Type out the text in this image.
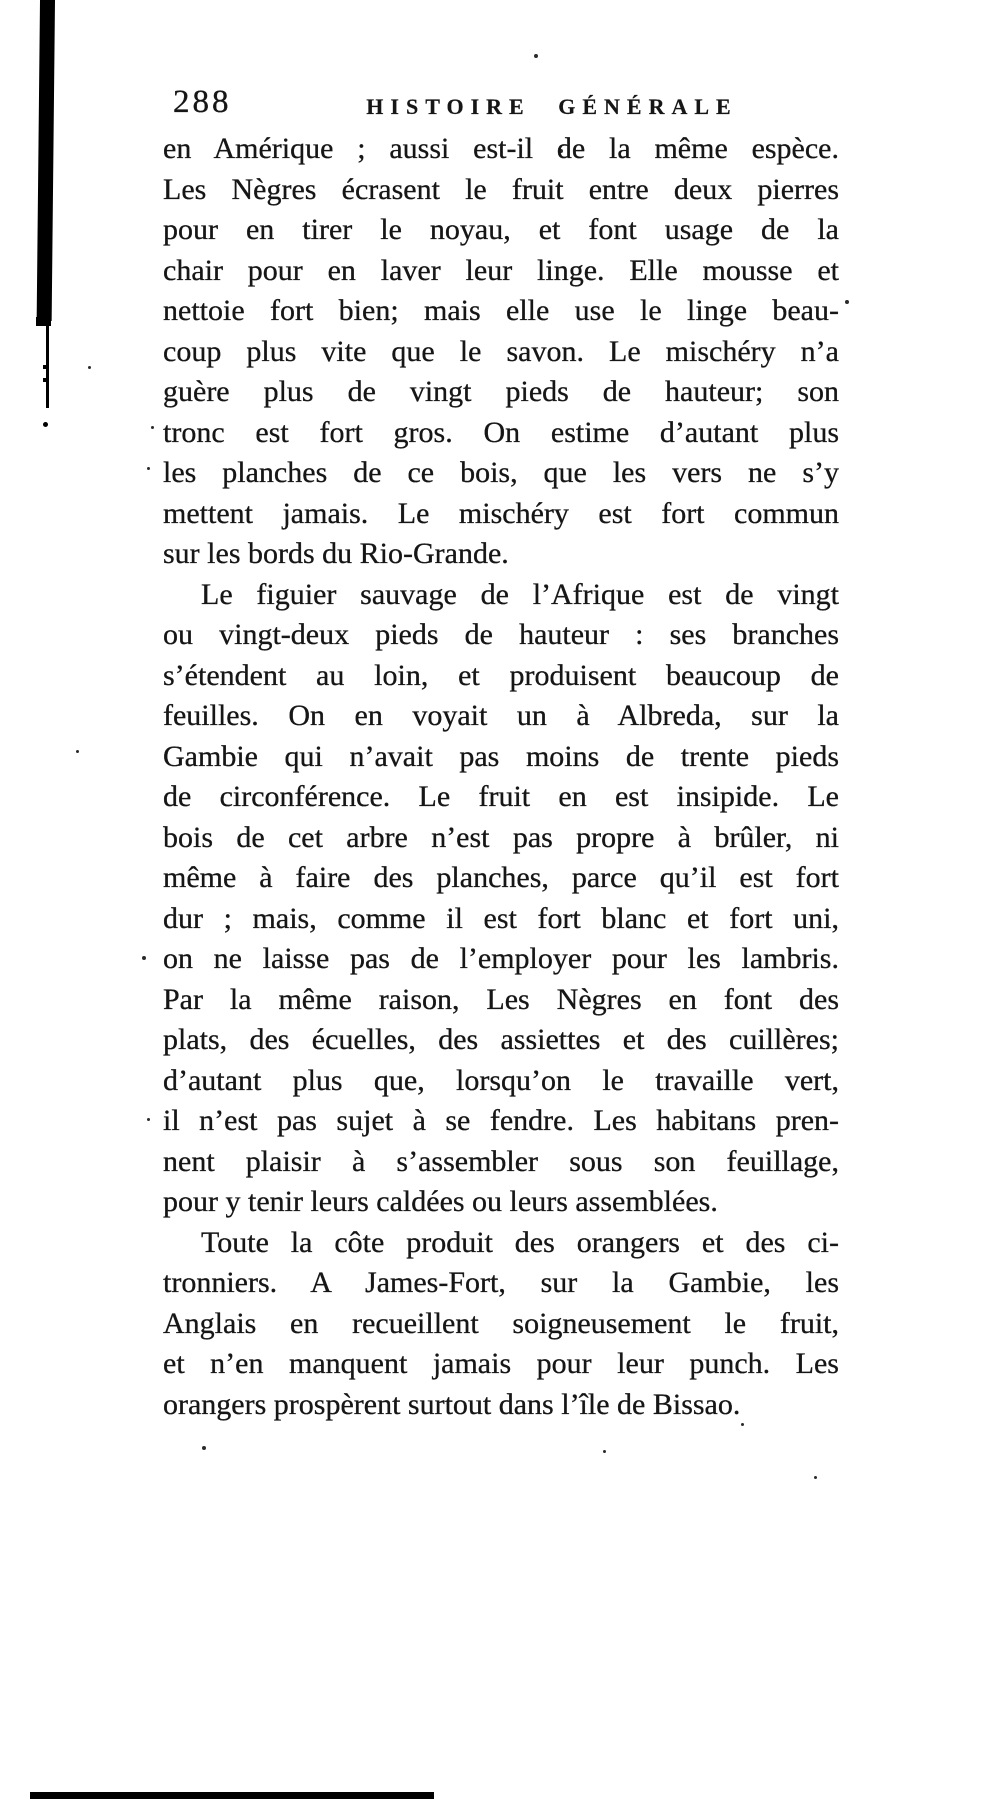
288	HISTOIRE GÉNÉRALE
en Amérique ; aussi est-il de la même espèce.
Les Nègres écrasent le fruit entre deux pierres
pour en tirer le noyau, et font usage de la
chair pour en laver leur linge. Elle mousse et
nettoie fort bien; mais elle use le linge beau-
coup plus vite que le savon. Le mischéry n’a
guère plus de vingt pieds de hauteur; son
tronc est fort gros. On estime d’autant plus
les planches de ce bois, que les vers ne s’y
mettent jamais. Le mischéry est fort commun
sur les bords du Rio-Grande.
Le figuier sauvage de l’Afrique est de vingt
ou vingt-deux pieds de hauteur : ses branches
s’étendent au loin, et produisent beaucoup de
feuilles. On en voyait un à Albreda, sur la
Gambie qui n’avait pas moins de trente pieds
de circonférence. Le fruit en est insipide. Le
bois de cet arbre n’est pas propre à brûler, ni
même à faire des planches, parce qu’il est fort
dur ; mais, comme il est fort blanc et fort uni,
on ne laisse pas de l’employer pour les lambris.
Par la même raison, Les Nègres en font des
plats, des écuelles, des assiettes et des cuillères;
d’autant plus que, lorsqu’on le travaille vert,
il n’est pas sujet à se fendre. Les habitans pren-
nent plaisir à s’assembler sous son feuillage,
pour y tenir leurs caldées ou leurs assemblées.
Toute la côte produit des orangers et des ci-
tronniers. A James-Fort, sur la Gambie, les
Anglais en recueillent soigneusement le fruit,
et n’en manquent jamais pour leur punch. Les
orangers prospèrent surtout dans l’île de Bissao.
